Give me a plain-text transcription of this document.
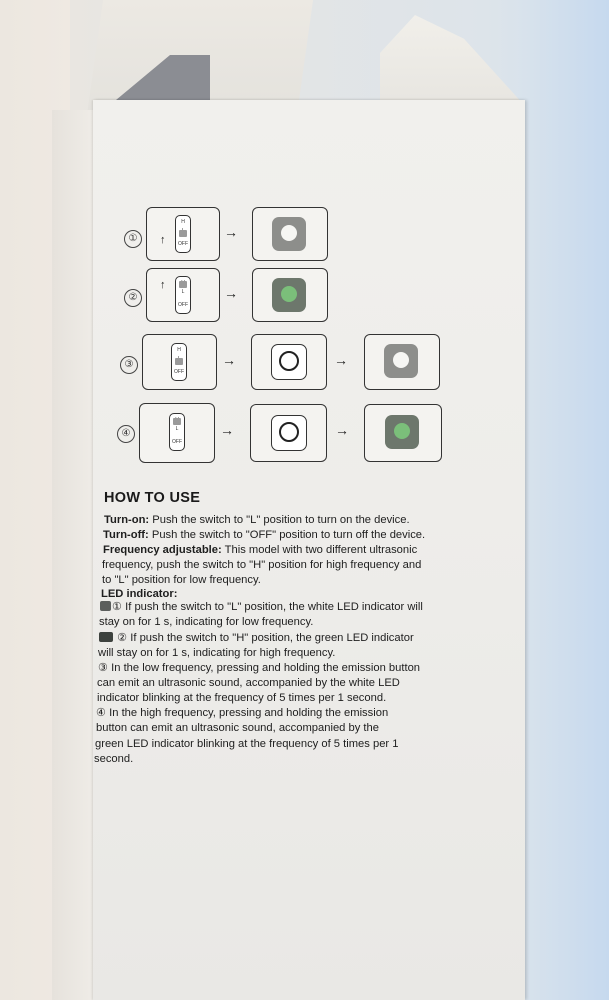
①	↑
H
OFF
→
②
↑
L
OFF
→
③
H
OFF
→	→
④	L
OFF
→	→
HOW TO USE
Turn-on: Push the switch to "L" position to turn on the device.
Turn-off: Push the switch to "OFF" position to turn off the device.
Frequency adjustable: This model with two different ultrasonic
frequency, push the switch to "H" position for high frequency and
to "L" position for low frequency.
LED indicator:
① If push the switch to "L" position, the white LED indicator will
stay on for 1 s, indicating for low frequency.
② If push the switch to "H" position, the green LED indicator
will stay on for 1 s, indicating for high frequency.
③ In the low frequency, pressing and holding the emission button
can emit an ultrasonic sound, accompanied by the white LED
indicator blinking at the frequency of 5 times per 1 second.
④ In the high frequency, pressing and holding the emission
button can emit an ultrasonic sound, accompanied by the
green LED indicator blinking at the frequency of 5 times per 1
second.
